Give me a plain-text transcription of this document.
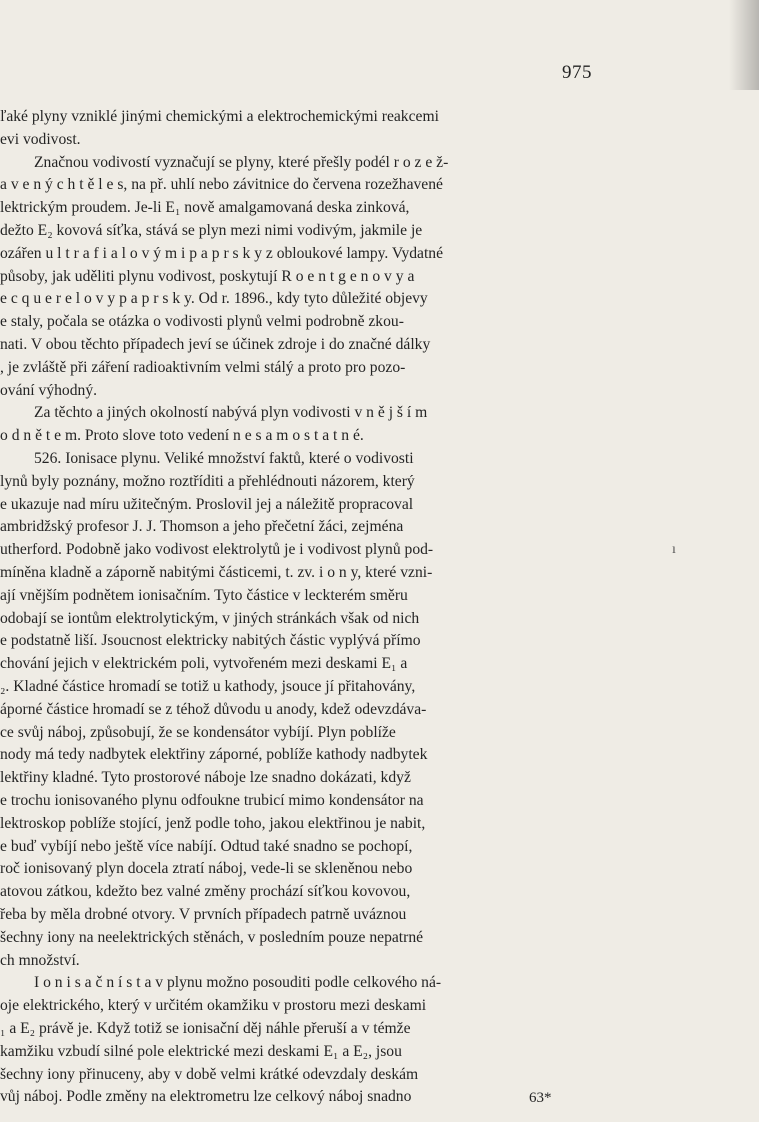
975
ı
ľaké plyny vzniklé jinými chemickými a elektrochemickými reakcemi
evi vodivost.
Značnou vodivostí vyznačují se plyny, které přešly podél r o z e ž-
a v e n ý c h t ě l e s, na př. uhlí nebo závitnice do červena rozežhavené
lektrickým proudem. Je-li E₁ nově amalgamovaná deska zinková,
dežto E₂ kovová síťka, stává se plyn mezi nimi vodivým, jakmile je
ozářen u l t r a f i a l o v ý m i p a p r s k y z obloukové lampy. Vydatné
působy, jak uděliti plynu vodivost, poskytují R o e n t g e n o v y a
e c q u e r e l o v y p a p r s k y. Od r. 1896., kdy tyto důležité objevy
e staly, počala se otázka o vodivosti plynů velmi podrobně zkou-
nati. V obou těchto případech jeví se účinek zdroje i do značné dálky
, je zvláště při záření radioaktivním velmi stálý a proto pro pozo-
ování výhodný.
Za těchto a jiných okolností nabývá plyn vodivosti v n ě j š í m
o d n ě t e m. Proto slove toto vedení n e s a m o s t a t n é.
526. Ionisace plynu. Veliké množství faktů, které o vodivosti
lynů byly poznány, možno roztříditi a přehlédnouti názorem, který
e ukazuje nad míru užitečným. Proslovil jej a náležitě propracoval
ambridžský profesor J. J. Thomson a jeho přečetní žáci, zejména
utherford. Podobně jako vodivost elektrolytů je i vodivost plynů pod-
míněna kladně a záporně nabitými částicemi, t. zv. i o n y, které vzni-
ají vnějším podnětem ionisačním. Tyto částice v leckterém směru
odobají se iontům elektrolytickým, v jiných stránkách však od nich
e podstatně liší. Jsoucnost elektricky nabitých částic vyplývá přímo
chování jejich v elektrickém poli, vytvořeném mezi deskami E₁ a
₂. Kladné částice hromadí se totiž u kathody, jsouce jí přitahovány,
áporné částice hromadí se z téhož důvodu u anody, kdež odevzdáva-
ce svůj náboj, způsobují, že se kondensátor vybíjí. Plyn poblíže
nody má tedy nadbytek elektřiny záporné, poblíže kathody nadbytek
lektřiny kladné. Tyto prostorové náboje lze snadno dokázati, když
e trochu ionisovaného plynu odfoukne trubicí mimo kondensátor na
lektroskop poblíže stojící, jenž podle toho, jakou elektřinou je nabit,
e buď vybíjí nebo ještě více nabíjí. Odtud také snadno se pochopí,
roč ionisovaný plyn docela ztratí náboj, vede-li se skleněnou nebo
atovou zátkou, kdežto bez valné změny prochází síťkou kovovou,
řeba by měla drobné otvory. V prvních případech patrně uváznou
šechny iony na neelektrických stěnách, v posledním pouze nepatrné
ch množství.
I o n i s a č n í s t a v plynu možno posouditi podle celkového ná-
oje elektrického, který v určitém okamžiku v prostoru mezi deskami
₁ a E₂ právě je. Když totiž se ionisační děj náhle přeruší a v témže
kamžiku vzbudí silné pole elektrické mezi deskami E₁ a E₂, jsou
šechny iony přinuceny, aby v době velmi krátké odevzdaly deskám
vůj náboj. Podle změny na elektrometru lze celkový náboj snadno	63*
